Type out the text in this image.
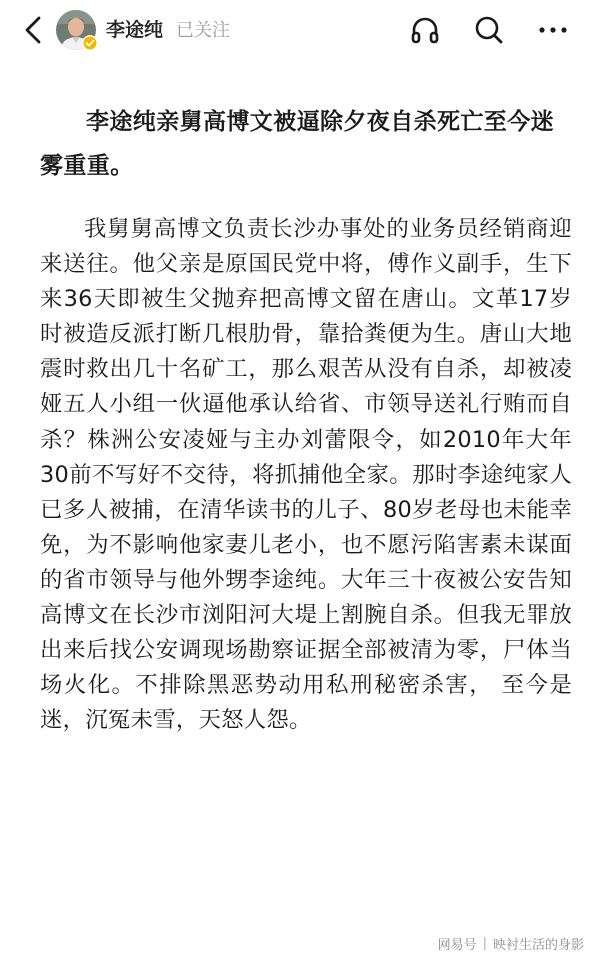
李途纯 已关注
李途纯亲舅高博文被逼除夕夜自杀死亡至今迷雾重重。

我舅舅高博文负责长沙办事处的业务员经销商迎来送往。他父亲是原国民党中将，傅作义副手，生下来36天即被生父抛弃把高博文留在唐山。文革17岁时被造反派打断几根肋骨，靠拾粪便为生。唐山大地震时救出几十名矿工，那么艰苦从没有自杀，却被凌娅五人小组一伙逼他承认给省、市领导送礼行贿而自杀？株洲公安凌娅与主办刘蕾限令，如2010年大年30前不写好不交待，将抓捕他全家。那时李途纯家人已多人被捕，在清华读书的儿子、80岁老母也未能幸免，为不影响他家妻儿老小，也不愿污陷害素未谋面的省市领导与他外甥李途纯。大年三十夜被公安告知高博文在长沙市浏阳河大堤上割腕自杀。但我无罪放出来后找公安调现场勘察证据全部被清为零，尸体当场火化。不排除黑恶势动用私刑秘密杀害， 至今是迷，沉冤未雪，天怒人怨。

网易号 | 映衬生活的身影
